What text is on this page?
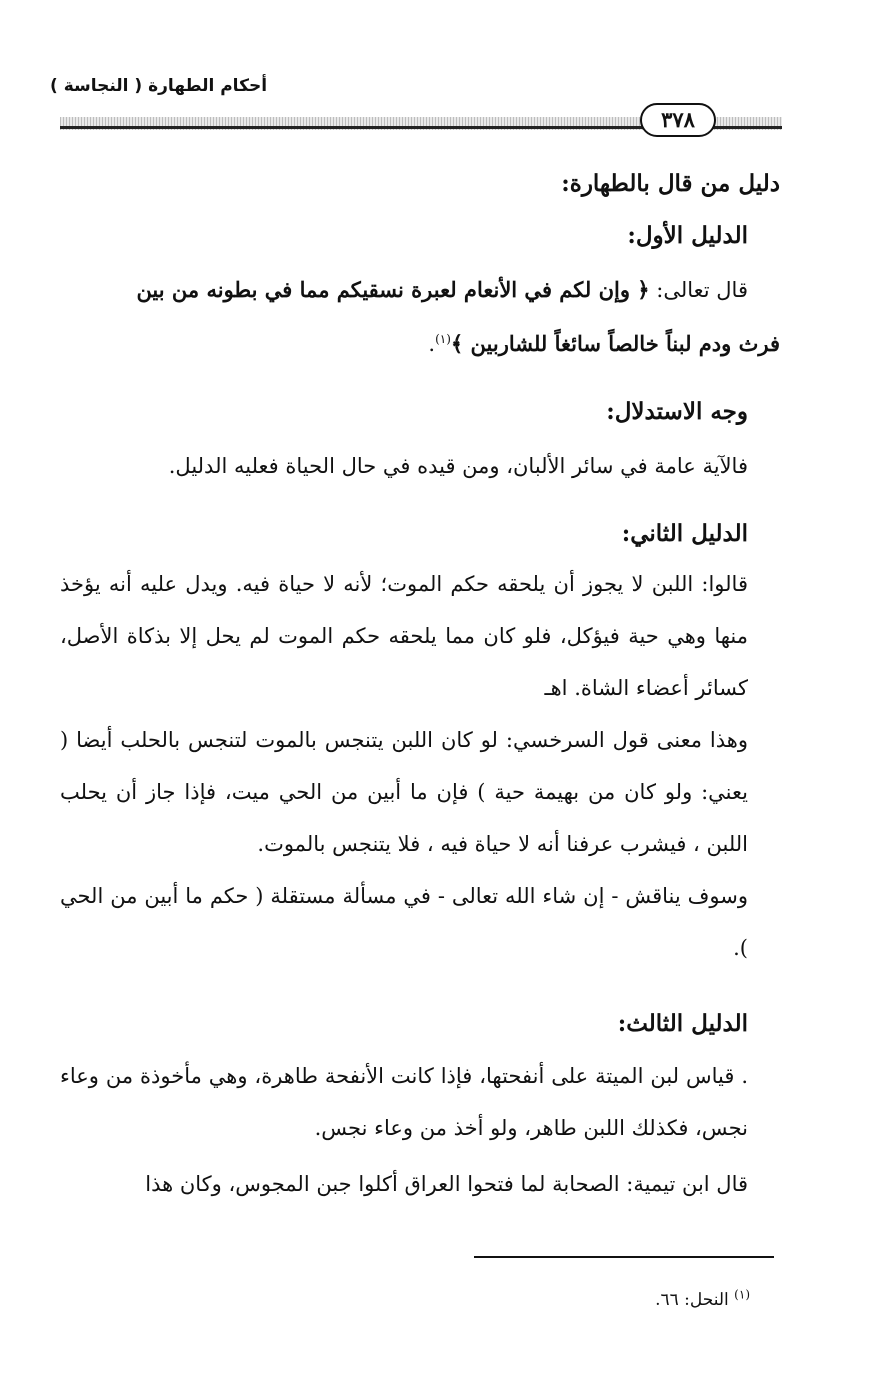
أحكام الطهارة ( النجاسة )
٣٧٨
دليل من قال بالطهارة:
الدليل الأول:
قال تعالى: ﴿ وإن لكم في الأنعام لعبرة نسقيكم مما في بطونه من بين
فرث ودم لبناً خالصاً سائغاً للشاربين ﴾$^{(١)}$.
وجه الاستدلال:
فالآية عامة في سائر الألبان، ومن قيده في حال الحياة فعليه الدليل.
الدليل الثاني:
قالوا: اللبن لا يجوز أن يلحقه حكم الموت؛ لأنه لا حياة فيه. ويدل عليه أنه يؤخذ منها وهي حية فيؤكل، فلو كان مما يلحقه حكم الموت لم يحل إلا بذكاة الأصل، كسائر أعضاء الشاة. اهـ
وهذا معنى قول السرخسي: لو كان اللبن يتنجس بالموت لتنجس بالحلب أيضا ( يعني: ولو كان من بهيمة حية ) فإن ما أبين من الحي ميت، فإذا جاز أن يحلب اللبن ، فيشرب عرفنا أنه لا حياة فيه ، فلا يتنجس بالموت.
وسوف يناقش - إن شاء الله تعالى - في مسألة مستقلة ( حكم ما أبين من الحي ).
الدليل الثالث:
. قياس لبن الميتة على أنفحتها، فإذا كانت الأنفحة طاهرة، وهي مأخوذة من وعاء نجس، فكذلك اللبن طاهر، ولو أخذ من وعاء نجس.
قال ابن تيمية: الصحابة لما فتحوا العراق أكلوا جبن المجوس، وكان هذا
$^{(١)}$ النحل: ٦٦.
